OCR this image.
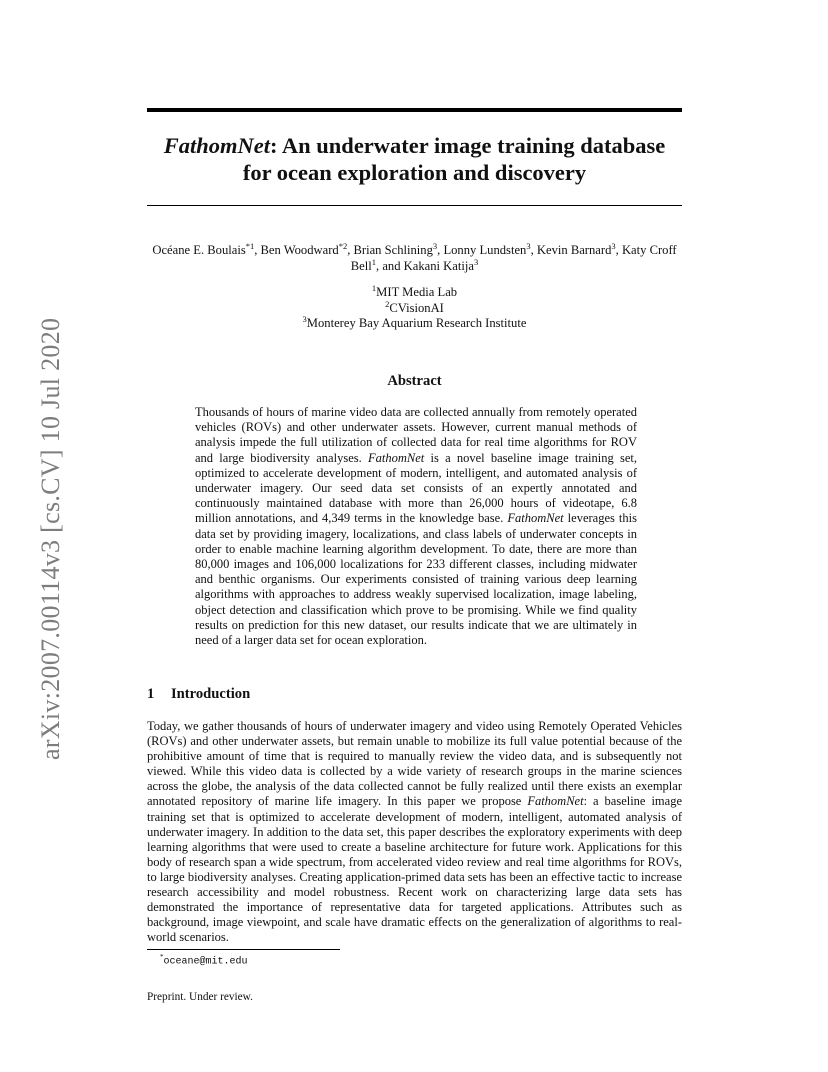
arXiv:2007.00114v3 [cs.CV] 10 Jul 2020
FathomNet: An underwater image training database
for ocean exploration and discovery
Océane E. Boulais$^{*1}$, Ben Woodward$^{*2}$, Brian Schlining$^3$, Lonny Lundsten$^3$, Kevin Barnard$^3$, Katy Croff Bell$^1$, and Kakani Katija$^3$
$^1$MIT Media Lab
$^2$CVisionAI
$^3$Monterey Bay Aquarium Research Institute
Abstract
Thousands of hours of marine video data are collected annually from remotely operated vehicles (ROVs) and other underwater assets. However, current manual methods of analysis impede the full utilization of collected data for real time algorithms for ROV and large biodiversity analyses. FathomNet is a novel baseline image training set, optimized to accelerate development of modern, intelligent, and automated analysis of underwater imagery. Our seed data set consists of an expertly annotated and continuously maintained database with more than 26,000 hours of videotape, 6.8 million annotations, and 4,349 terms in the knowledge base. FathomNet leverages this data set by providing imagery, localizations, and class labels of underwater concepts in order to enable machine learning algorithm development. To date, there are more than 80,000 images and 106,000 localizations for 233 different classes, including midwater and benthic organisms. Our experiments consisted of training various deep learning algorithms with approaches to address weakly supervised localization, image labeling, object detection and classification which prove to be promising. While we find quality results on prediction for this new dataset, our results indicate that we are ultimately in need of a larger data set for ocean exploration.
1 Introduction
Today, we gather thousands of hours of underwater imagery and video using Remotely Operated Vehicles (ROVs) and other underwater assets, but remain unable to mobilize its full value potential because of the prohibitive amount of time that is required to manually review the video data, and is subsequently not viewed. While this video data is collected by a wide variety of research groups in the marine sciences across the globe, the analysis of the data collected cannot be fully realized until there exists an exemplar annotated repository of marine life imagery. In this paper we propose FathomNet: a baseline image training set that is optimized to accelerate development of modern, intelligent, automated analysis of underwater imagery. In addition to the data set, this paper describes the exploratory experiments with deep learning algorithms that were used to create a baseline architecture for future work. Applications for this body of research span a wide spectrum, from accelerated video review and real time algorithms for ROVs, to large biodiversity analyses. Creating application-primed data sets has been an effective tactic to increase research accessibility and model robustness. Recent work on characterizing large data sets has demonstrated the importance of representative data for targeted applications. Attributes such as background, image viewpoint, and scale have dramatic effects on the generalization of algorithms to real-world scenarios.
*oceane@mit.edu
Preprint. Under review.
